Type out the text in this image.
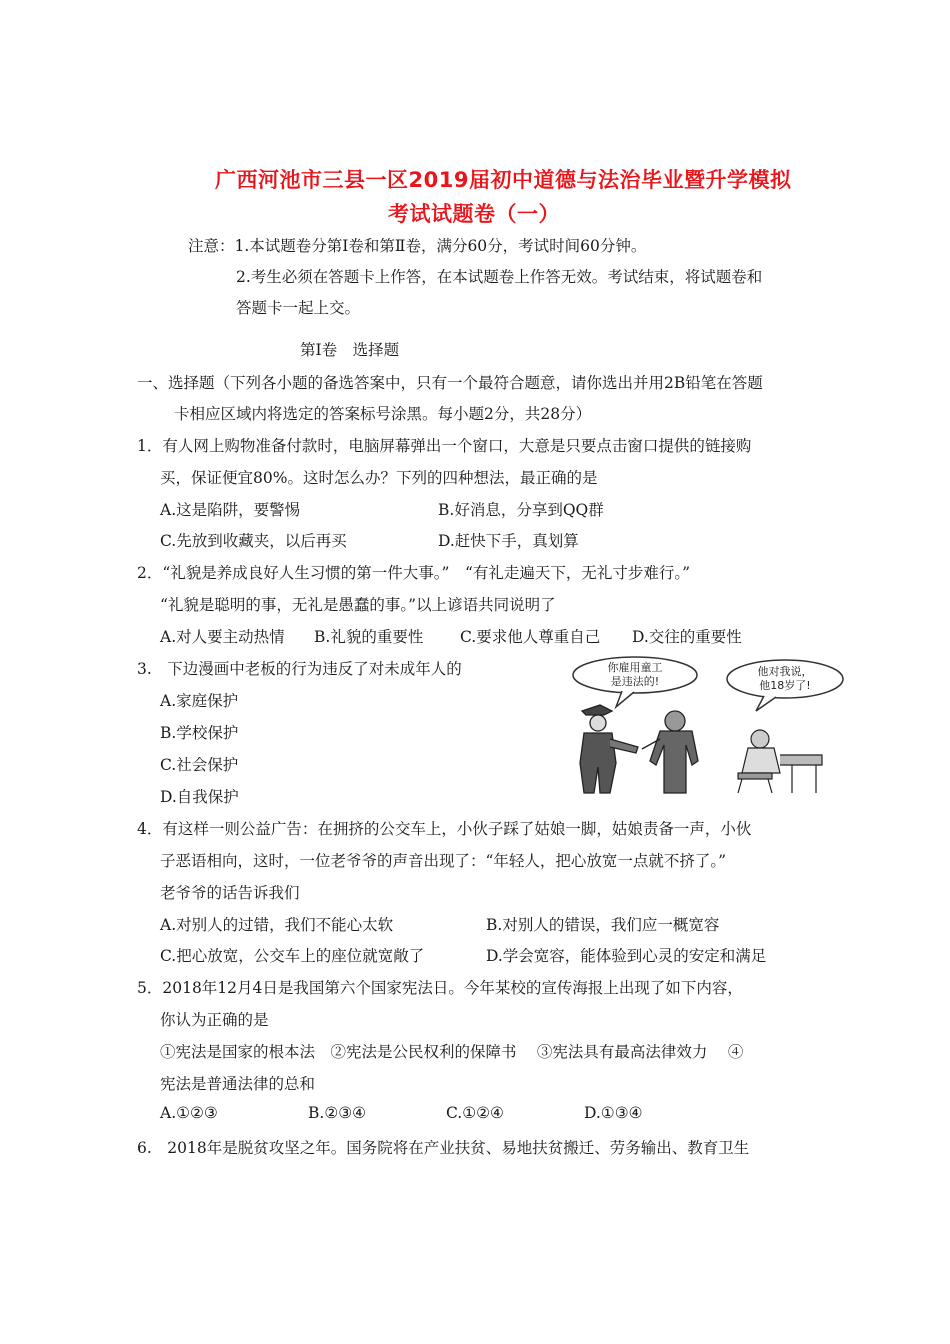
广西河池市三县一区2019届初中道德与法治毕业暨升学模拟
考试试题卷（一）
注意：1.本试题卷分第Ⅰ卷和第Ⅱ卷，满分60分，考试时间60分钟。
2.考生必须在答题卡上作答，在本试题卷上作答无效。考试结束，将试题卷和
答题卡一起上交。
第Ⅰ卷　选择题
一、选择题（下列各小题的备选答案中，只有一个最符合题意，请你选出并用2B铅笔在答题
卡相应区域内将选定的答案标号涂黑。每小题2分，共28分）
1．有人网上购物准备付款时，电脑屏幕弹出一个窗口，大意是只要点击窗口提供的链接购
买，保证便宜80%。这时怎么办？下列的四种想法，最正确的是
A.这是陷阱，要警惕	B.好消息，分享到QQ群
C.先放到收藏夹，以后再买	D.赶快下手，真划算
2．“礼貌是养成良好人生习惯的第一件大事。”　“有礼走遍天下，无礼寸步难行。”
“礼貌是聪明的事，无礼是愚蠢的事。”以上谚语共同说明了
A.对人要主动热情 B.礼貌的重要性 C.要求他人尊重自己 D.交往的重要性
3.　下边漫画中老板的行为违反了对未成年人的
A.家庭保护
B.学校保护
C.社会保护
D.自我保护
你雇用童工
是违法的!
他对我说，
他18岁了!
4．有这样一则公益广告：在拥挤的公交车上，小伙子踩了姑娘一脚，姑娘责备一声，小伙
子恶语相向，这时，一位老爷爷的声音出现了：“年轻人，把心放宽一点就不挤了。”
老爷爷的话告诉我们
A.对别人的过错，我们不能心太软	B.对别人的错误，我们应一概宽容
C.把心放宽，公交车上的座位就宽敞了	D.学会宽容，能体验到心灵的安定和满足
5．2018年12月4日是我国第六个国家宪法日。今年某校的宣传海报上出现了如下内容，
你认为正确的是
①宪法是国家的根本法　②宪法是公民权利的保障书　 ③宪法具有最高法律效力　 ④
宪法是普通法律的总和
A.①②③	B.②③④	C.①②④	D.①③④
6.　2018年是脱贫攻坚之年。国务院将在产业扶贫、易地扶贫搬迁、劳务输出、教育卫生
